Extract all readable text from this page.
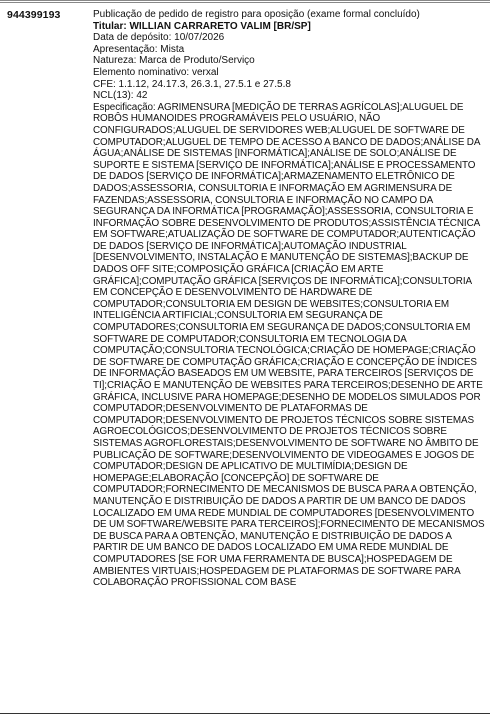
944399193	Publicação de pedido de registro para oposição (exame formal concluído)
Titular: WILLIAN CARRARETO VALIM [BR/SP]
Data de depósito: 10/07/2026
Apresentação: Mista
Natureza: Marca de Produto/Serviço
Elemento nominativo: verxal
CFE: 1.1.12, 24.17.3, 26.3.1, 27.5.1 e 27.5.8
NCL(13): 42
Especificação: AGRIMENSURA [MEDIÇÃO DE TERRAS AGRÍCOLAS];ALUGUEL DE ROBÔS HUMANOIDES PROGRAMÁVEIS PELO USUÁRIO, NÃO CONFIGURADOS;ALUGUEL DE SERVIDORES WEB;ALUGUEL DE SOFTWARE DE COMPUTADOR;ALUGUEL DE TEMPO DE ACESSO A BANCO DE DADOS;ANÁLISE DA ÁGUA;ANÁLISE DE SISTEMAS [INFORMÁTICA];ANÁLISE DE SOLO;ANÁLISE DE SUPORTE E SISTEMA [SERVIÇO DE INFORMÁTICA];ANÁLISE E PROCESSAMENTO DE DADOS [SERVIÇO DE INFORMÁTICA];ARMAZENAMENTO ELETRÔNICO DE DADOS;ASSESSORIA, CONSULTORIA E INFORMAÇÃO EM AGRIMENSURA DE FAZENDAS;ASSESSORIA, CONSULTORIA E INFORMAÇÃO NO CAMPO DA SEGURANÇA DA INFORMÁTICA [PROGRAMAÇÃO];ASSESSORIA, CONSULTORIA E INFORMAÇÃO SOBRE DESENVOLVIMENTO DE PRODUTOS;ASSISTÊNCIA TÉCNICA EM SOFTWARE;ATUALIZAÇÃO DE SOFTWARE DE COMPUTADOR;AUTENTICAÇÃO DE DADOS [SERVIÇO DE INFORMÁTICA];AUTOMAÇÃO INDUSTRIAL [DESENVOLVIMENTO, INSTALAÇÃO E MANUTENÇÃO DE SISTEMAS];BACKUP DE DADOS OFF SITE;COMPOSIÇÃO GRÁFICA [CRIAÇÃO EM ARTE GRÁFICA];COMPUTAÇÃO GRÁFICA [SERVIÇOS DE INFORMÁTICA];CONSULTORIA EM CONCEPÇÃO E DESENVOLVIMENTO DE HARDWARE DE COMPUTADOR;CONSULTORIA EM DESIGN DE WEBSITES;CONSULTORIA EM INTELIGÊNCIA ARTIFICIAL;CONSULTORIA EM SEGURANÇA DE COMPUTADORES;CONSULTORIA EM SEGURANÇA DE DADOS;CONSULTORIA EM SOFTWARE DE COMPUTADOR;CONSULTORIA EM TECNOLOGIA DA COMPUTAÇÃO;CONSULTORIA TECNOLÓGICA;CRIAÇÃO DE HOMEPAGE;CRIAÇÃO DE SOFTWARE DE COMPUTAÇÃO GRÁFICA;CRIAÇÃO E CONCEPÇÃO DE ÍNDICES DE INFORMAÇÃO BASEADOS EM UM WEBSITE, PARA TERCEIROS [SERVIÇOS DE TI];CRIAÇÃO E MANUTENÇÃO DE WEBSITES PARA TERCEIROS;DESENHO DE ARTE GRÁFICA, INCLUSIVE PARA HOMEPAGE;DESENHO DE MODELOS SIMULADOS POR COMPUTADOR;DESENVOLVIMENTO DE PLATAFORMAS DE COMPUTADOR;DESENVOLVIMENTO DE PROJETOS TÉCNICOS SOBRE SISTEMAS AGROECOLÓGICOS;DESENVOLVIMENTO DE PROJETOS TÉCNICOS SOBRE SISTEMAS AGROFLORESTAIS;DESENVOLVIMENTO DE SOFTWARE NO ÂMBITO DE PUBLICAÇÃO DE SOFTWARE;DESENVOLVIMENTO DE VIDEOGAMES E JOGOS DE COMPUTADOR;DESIGN DE APLICATIVO DE MULTIMÍDIA;DESIGN DE HOMEPAGE;ELABORAÇÃO [CONCEPÇÃO] DE SOFTWARE DE COMPUTADOR;FORNECIMENTO DE MECANISMOS DE BUSCA PARA A OBTENÇÃO, MANUTENÇÃO E DISTRIBUIÇÃO DE DADOS A PARTIR DE UM BANCO DE DADOS LOCALIZADO EM UMA REDE MUNDIAL DE COMPUTADORES [DESENVOLVIMENTO DE UM SOFTWARE/WEBSITE PARA TERCEIROS];FORNECIMENTO DE MECANISMOS DE BUSCA PARA A OBTENÇÃO, MANUTENÇÃO E DISTRIBUIÇÃO DE DADOS A PARTIR DE UM BANCO DE DADOS LOCALIZADO EM UMA REDE MUNDIAL DE COMPUTADORES [SE FOR UMA FERRAMENTA DE BUSCA];HOSPEDAGEM DE AMBIENTES VIRTUAIS;HOSPEDAGEM DE PLATAFORMAS DE SOFTWARE PARA COLABORAÇÃO PROFISSIONAL COM BASE
